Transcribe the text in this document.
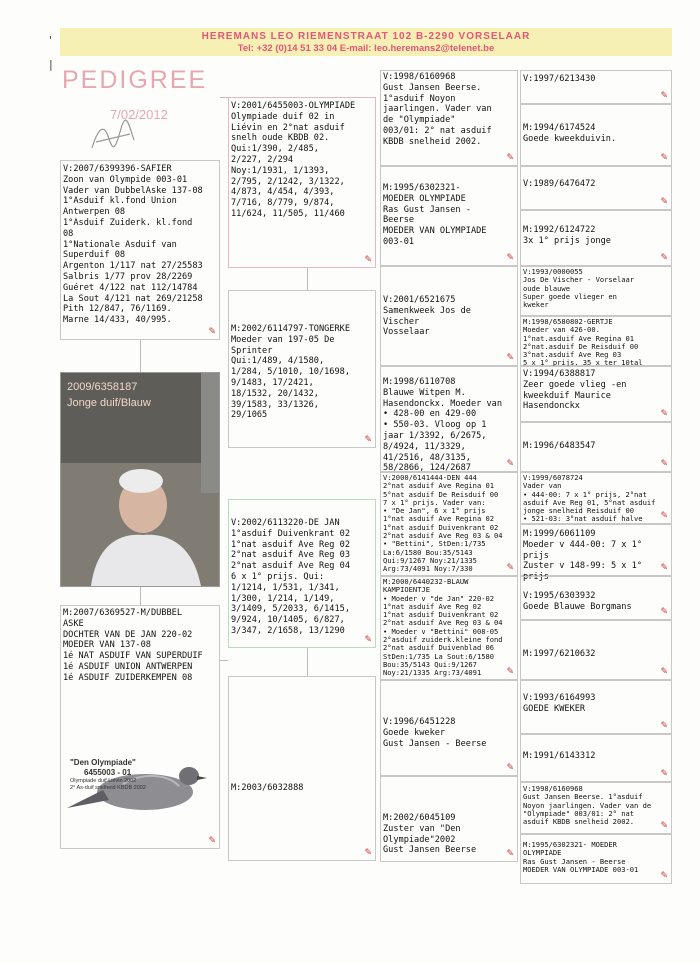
HEREMANS LEO RIEMENSTRAAT 102 B-2290 VORSELAAR
Tel: +32 (0)14 51 33 04 E-mail: leo.heremans2@telenet.be
'
|
PEDIGREE
7/02/2012
V:2007/6399396-SAFIER
Zoon van Olympide 003-01
Vader van DubbelAske 137-08
1°Asduif kl.fond Union
Antwerpen 08
1°Asduif Zuiderk. kl.fond
08
1°Nationale Asduif van
Superduif 08
Argenton 1/117 nat 27/25583
Salbris 1/77 prov 28/2269
Guéret 4/122 nat 112/14784
La Sout 4/121 nat 269/21258
Pith 12/847, 76/1169.
Marne 14/433, 40/995.
✎
2009/6358187
Jonge duif/Blauw
M:2007/6369527-M/DUBBEL
ASKE
DOCHTER VAN DE JAN 220-02
MOEDER VAN 137-08
1é NAT ASDUIF VAN SUPERDUIF
1é ASDUIF UNION ANTWERPEN
1é ASDUIF ZUIDERKEMPEN 08
✎
"Den Olympiade"
6455003 - 01
Olympiade duif Liévin 2002
2° As-duif snelheid KBDB 2002
V:2001/6455003-OLYMPIADE
Olympiade duif 02 in
Liévin en 2°nat asduif
snelh oude KBDB 02.
Qui:1/390, 2/485,
2/227, 2/294
Noy:1/1931, 1/1393,
2/795, 2/1242, 3/1322,
4/873, 4/454, 4/393,
7/716, 8/779, 9/874,
11/624, 11/505, 11/460
✎
M:2002/6114797-TONGERKE
Moeder van 197-05 De
Sprinter
Qui:1/489, 4/1580,
1/284, 5/1010, 10/1698,
9/1483, 17/2421,
18/1532, 20/1432,
39/1583, 33/1326,
29/1065
✎
V:2002/6113220-DE JAN
1°asduif Duivenkrant 02
1°nat asduif Ave Reg 02
2°nat asduif Ave Reg 03
2°nat asduif Ave Reg 04
6 x 1° prijs. Qui:
1/1214, 1/531, 1/341,
1/300, 1/214, 1/149,
3/1409, 5/2033, 6/1415,
9/924, 10/1405, 6/827,
3/347, 2/1658, 13/1290
✎
M:2003/6032888
✎
V:1998/6160968
Gust Jansen Beerse.
1°asduif Noyon
jaarlingen. Vader van
de "Olympiade"
003/01: 2° nat asduif
KBDB snelheid 2002.
✎
M:1995/6302321-
MOEDER OLYMPIADE
Ras Gust Jansen -
Beerse
MOEDER VAN OLYMPIADE
003-01
✎
V:2001/6521675
Samenkweek Jos de
Vischer
Vosselaar
✎
M:1998/6110708
Blauwe Witpen M.
Hasendonckx. Moeder van
• 428-00 en 429-00
• 550-03. Vloog op 1
jaar 1/3392, 6/2675,
8/4924, 11/3329,
41/2516, 48/3135,
58/2866, 124/2687	✎
V:2000/6141444-DEN 444
2°nat asduif Ave Regina 01
5°nat asduif De Reisduif 00
7 x 1° prijs. Vader van:
• "De Jan", 6 x 1° prijs
1°nat asduif Ave Regina 02
1°nat asduif Duivenkrant 02
2°nat asduif Ave Reg 03 & 04
• "Bettini", StDen:1/735
La:6/1580 Bou:35/5143
Qui:9/1267 Noy:21/1335
Arg:73/4091 Noy:7/330	✎
M:2000/6440232-BLAUW
KAMPIOENTJE
• Moeder v "de Jan" 220-02
1°nat asduif Ave Reg 02
1°nat asduif Duivenkrant 02
2°nat asduif Ave Reg 03 & 04
• Moeder v "Bettini" 008-05
2°asduif zuiderk.kleine fond
2°nat asduif Duivenblad 06
StDen:1/735 La Sout:6/1580
Bou:35/5143 Qui:9/1267
Noy:21/1335 Arg:73/4091	✎
V:1996/6451228
Goede kweker
Gust Jansen - Beerse
✎
M:2002/6045109
Zuster van "Den
Olympiade"2002
Gust Jansen Beerse	✎
V:1997/6213430
✎
M:1994/6174524
Goede kweekduivin.
✎
V:1989/6476472
✎
M:1992/6124722
3x 1° prijs jonge
✎
V:1993/0000055
Jos De Vischer - Vorselaar
oude blauwe
Super goede vlieger en
kweker
M:1998/6580802-GERTJE
Moeder van 426-00.
1°nat.asduif Ave Regina 01
2°nat.asduif De Reisduif 00
3°nat.asduif Ave Reg 03
5 x 1° prijs. 35 x ter 10tal
V:1994/6388817
Zeer goede vlieg -en
kweekduif Maurice
Hasendonckx
✎
M:1996/6483547
✎
V:1999/6078724
Vader van
• 444-00: 7 x 1° prijs, 2°nat
asduif Ave Reg 01, 5°nat asduif
jonge snelheid Reisduif 00
• 521-03: 3°nat asduif halve	✎
M:1999/6061109
Moeder v 444-00: 7 x 1°
prijs
Zuster v 148-99: 5 x 1°
prijs
✎
V:1995/6303932
Goede Blauwe Borgmans
✎
M:1997/6210632
✎
V:1993/6164993
GOEDE KWEKER
✎
M:1991/6143312
✎
V:1998/6160968
Gust Jansen Beerse. 1°asduif
Noyon jaarlingen. Vader van de
"Olympiade" 003/01: 2° nat
asduif KBDB snelheid 2002.	✎
M:1995/6302321- MOEDER
OLYMPIADE
Ras Gust Jansen - Beerse
MOEDER VAN OLYMPIADE 003-01
✎
